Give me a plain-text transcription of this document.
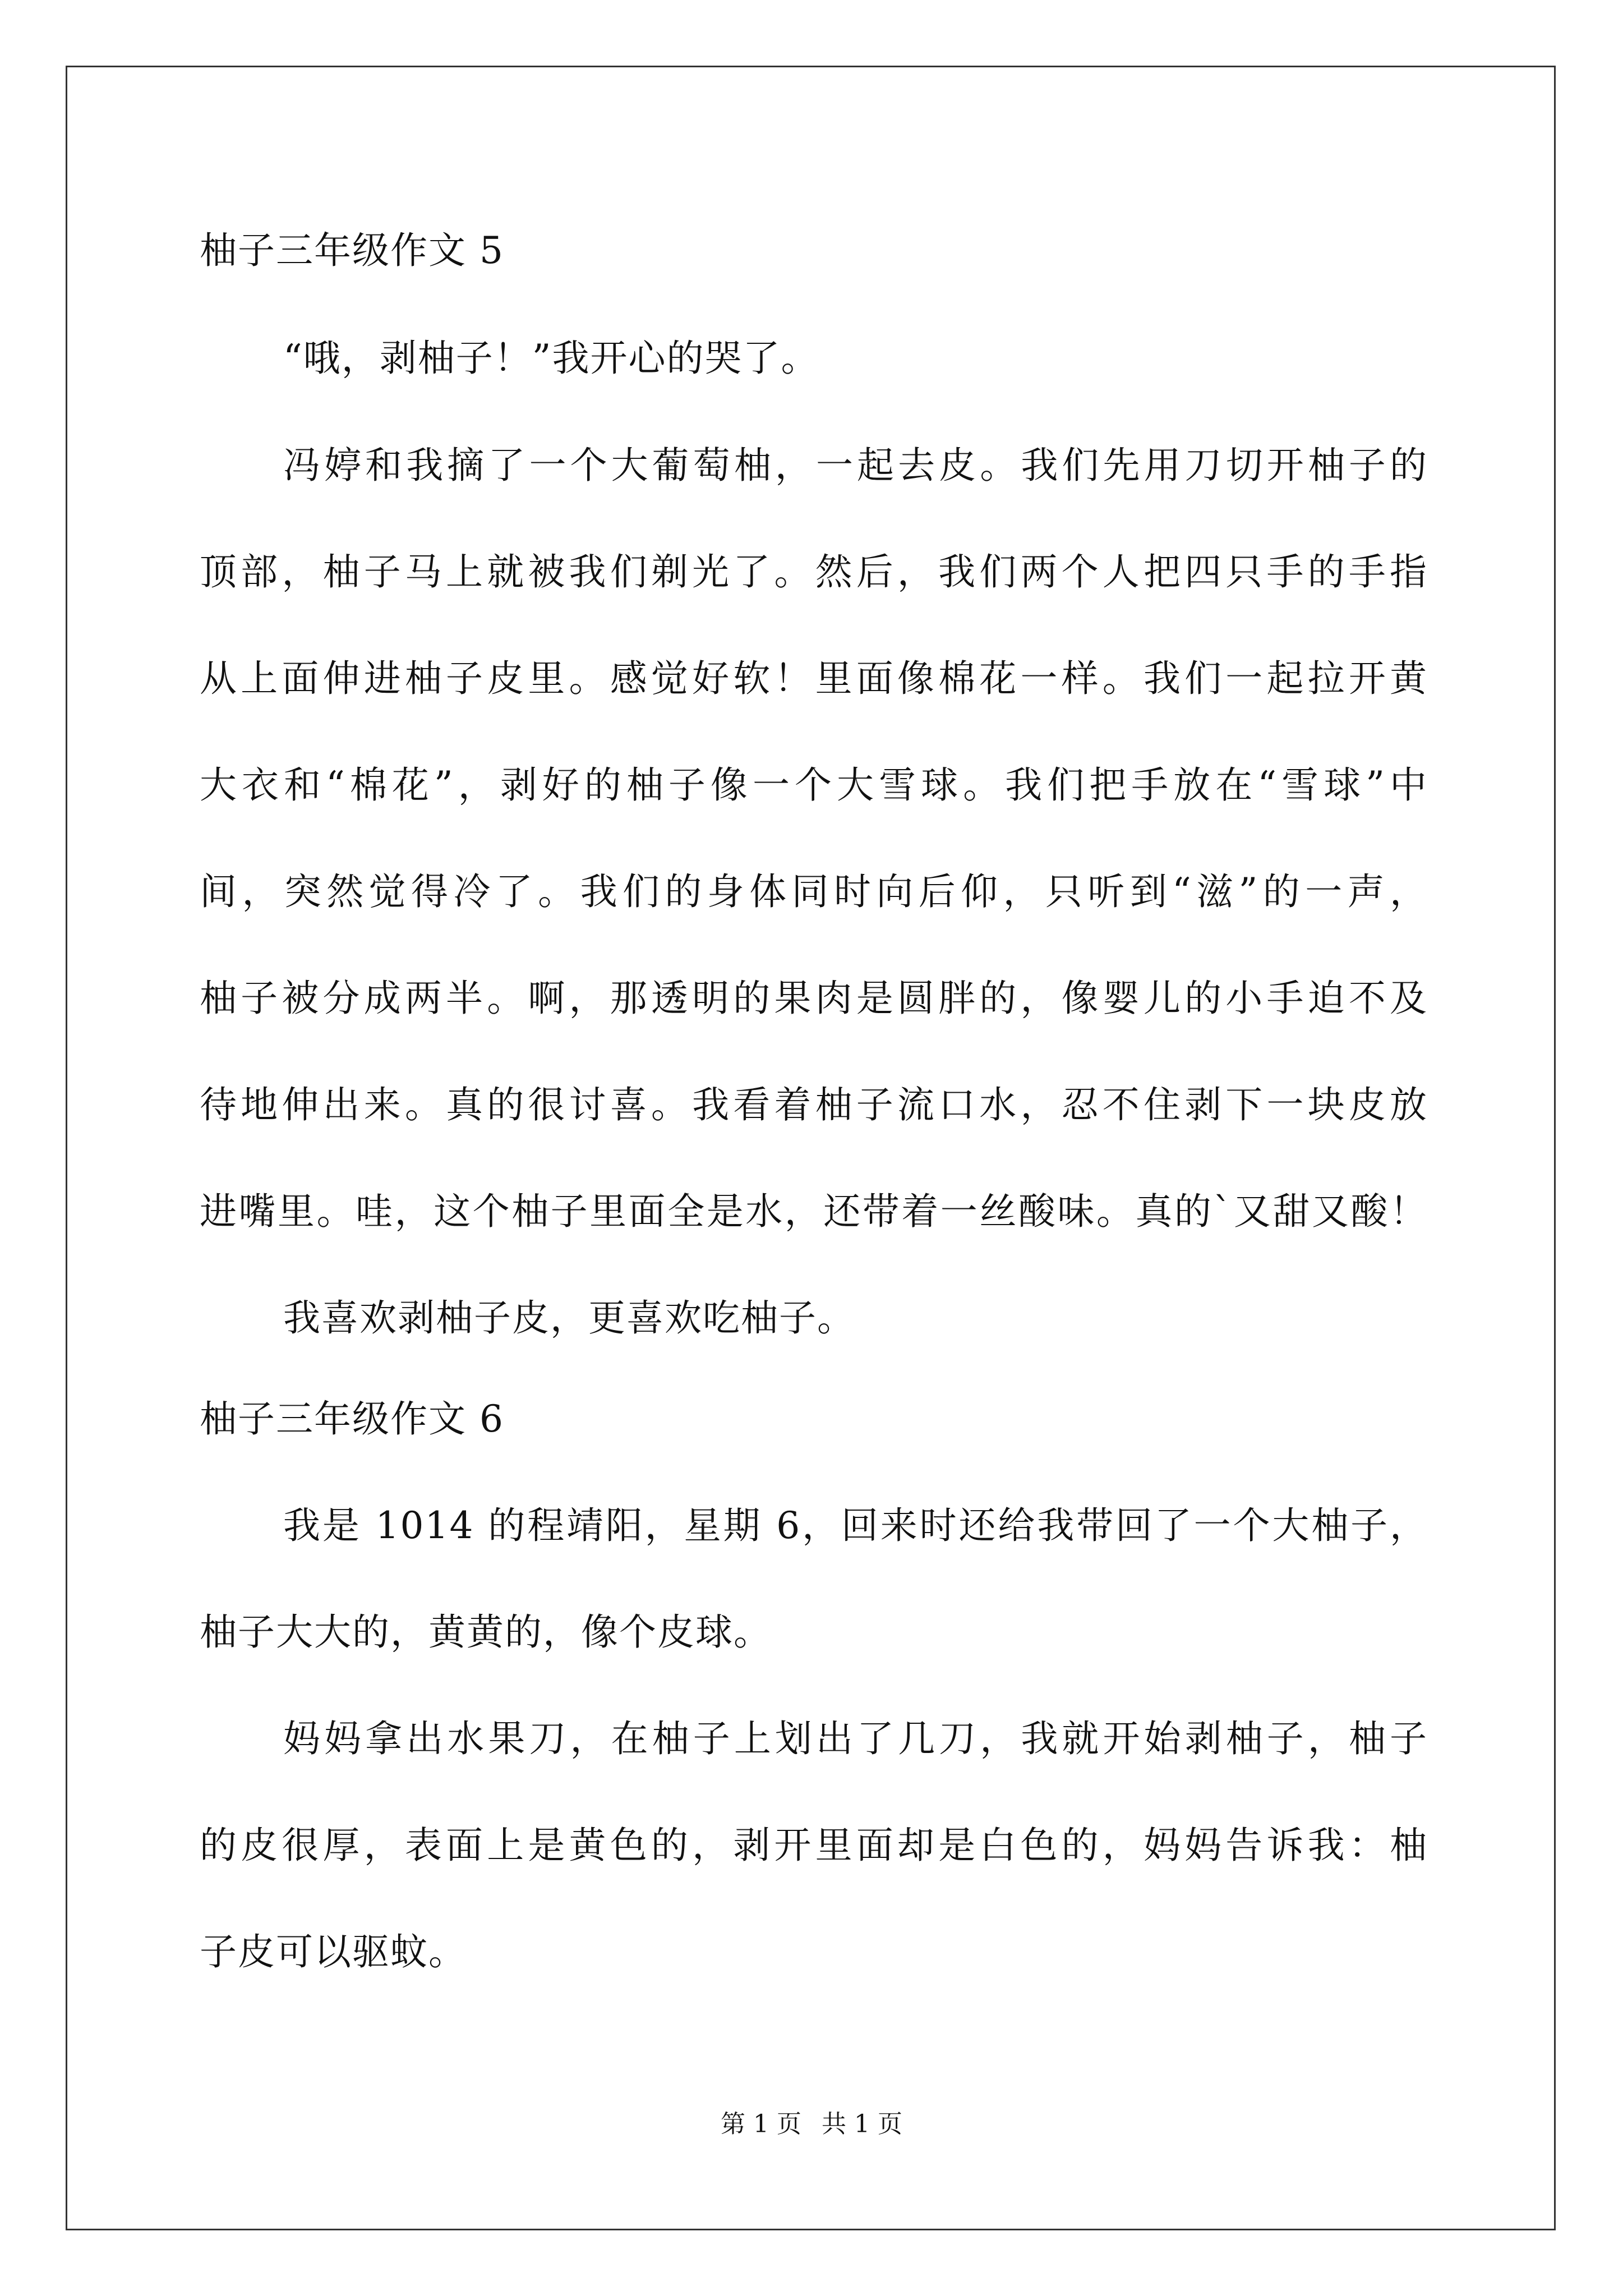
柚子三年级作文 5
“哦，剥柚子！”我开心的哭了。
冯婷和我摘了一个大葡萄柚，一起去皮。我们先用刀切开柚子的
顶部，柚子马上就被我们剃光了。然后，我们两个人把四只手的手指
从上面伸进柚子皮里。感觉好软！里面像棉花一样。我们一起拉开黄
大衣和“棉花”，剥好的柚子像一个大雪球。我们把手放在“雪球”中
间，突然觉得冷了。我们的身体同时向后仰，只听到“滋”的一声，
柚子被分成两半。啊，那透明的果肉是圆胖的，像婴儿的小手迫不及
待地伸出来。真的很讨喜。我看着柚子流口水，忍不住剥下一块皮放
进嘴里。哇，这个柚子里面全是水，还带着一丝酸味。真的`又甜又酸！
我喜欢剥柚子皮，更喜欢吃柚子。
柚子三年级作文 6
我是 1014 的程靖阳，星期 6，回来时还给我带回了一个大柚子，
柚子大大的，黄黄的，像个皮球。
妈妈拿出水果刀，在柚子上划出了几刀，我就开始剥柚子，柚子
的皮很厚，表面上是黄色的，剥开里面却是白色的，妈妈告诉我：柚
子皮可以驱蚊。
第 1 页 共 1 页
